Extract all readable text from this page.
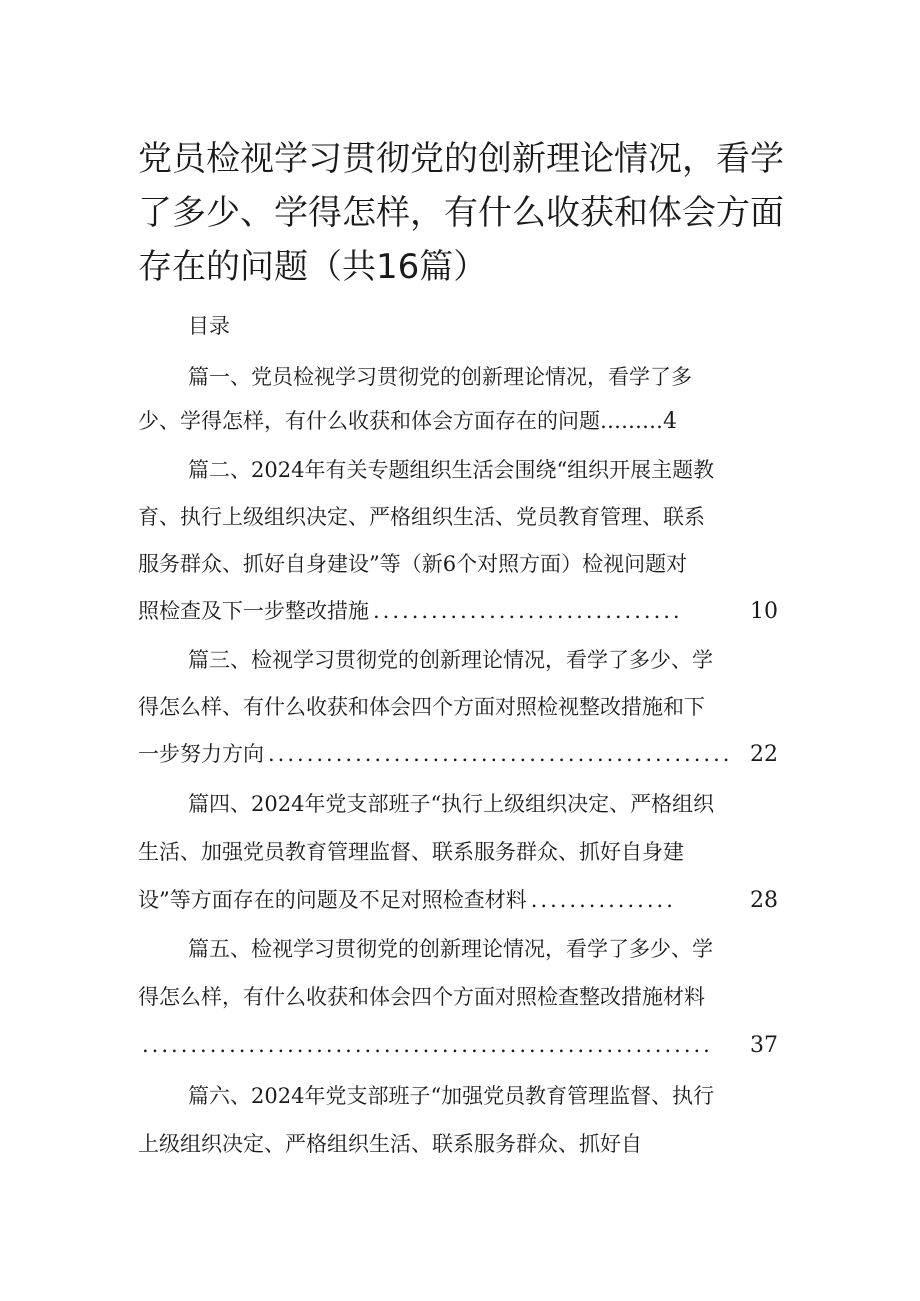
党员检视学习贯彻党的创新理论情况，看学
了多少、学得怎样，有什么收获和体会方面
存在的问题（共16篇）
目录
篇一、党员检视学习贯彻党的创新理论情况，看学了多
少、学得怎样，有什么收获和体会方面存在的问题 ……… 4
篇二、2024年有关专题组织生活会围绕“组织开展主题教
育、执行上级组织决定、严格组织生活、党员教育管理、联系
服务群众、抓好自身建设”等（新6个对照方面）检视问题对
照检查及下一步整改措施 ................................	10
篇三、检视学习贯彻党的创新理论情况，看学了多少、学
得怎么样、有什么收获和体会四个方面对照检视整改措施和下
一步努力方向 ................................................ 22
篇四、2024年党支部班子“执行上级组织决定、严格组织
生活、加强党员教育管理监督、联系服务群众、抓好自身建
设”等方面存在的问题及不足对照检查材料 ...............	28
篇五、检视学习贯彻党的创新理论情况，看学了多少、学
得怎么样，有什么收获和体会四个方面对照检查整改措施材料
...........................................................	37
篇六、2024年党支部班子“加强党员教育管理监督、执行
上级组织决定、严格组织生活、联系服务群众、抓好自
